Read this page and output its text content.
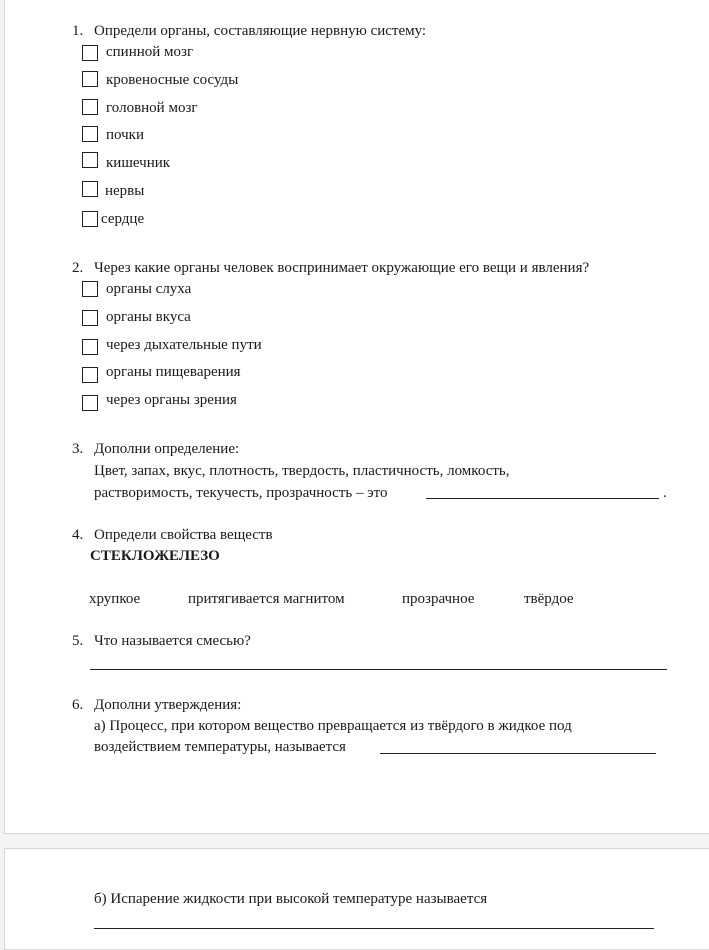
1. Определи органы, составляющие нервную систему:
спинной мозг
кровеносные сосуды
головной мозг
почки
кишечник
нервы
сердце
2. Через какие органы человек воспринимает окружающие его вещи и явления?
органы слуха
органы вкуса
через дыхательные пути
органы пищеварения
через органы зрения
3. Дополни определение:
Цвет, запах, вкус, плотность, твердость, пластичность, ломкость,
растворимость, текучесть, прозрачность – это	.
4. Определи свойства веществ
СТЕКЛОЖЕЛЕЗО
хрупкое	притягивается магнитом	прозрачное	твёрдое
5. Что называется смесью?
6. Дополни утверждения:
а) Процесс, при котором вещество превращается из твёрдого в жидкое под
воздействием температуры, называется
б) Испарение жидкости при высокой температуре называется
